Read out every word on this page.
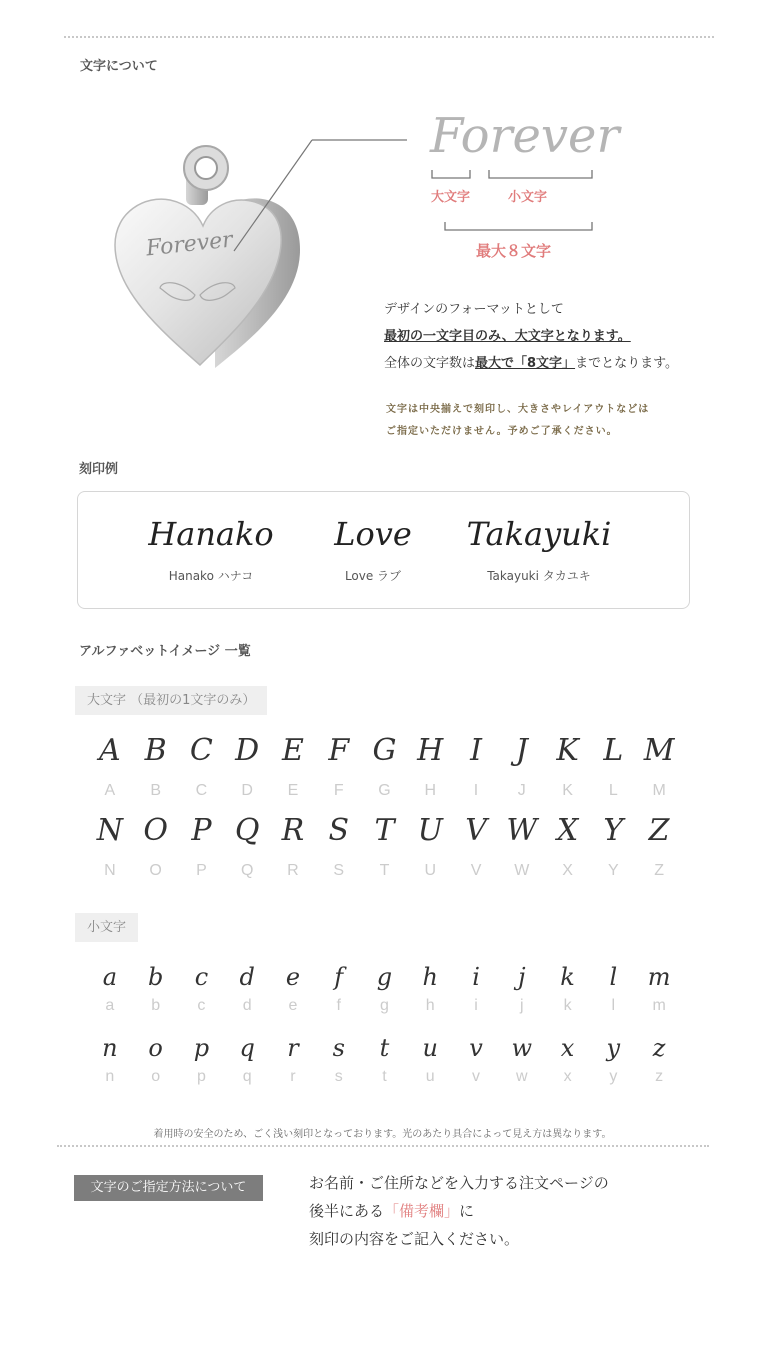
文字について
Forever
Forever
大文字	小文字
最大８文字
デザインのフォーマットとして
最初の一文字目のみ、大文字となります。
全体の文字数は最大で「8文字」までとなります。
文字は中央揃えで刻印し、大きさやレイアウトなどは
ご指定いただけません。予めご了承ください。
刻印例
Hanako
Hanako ハナコ
Love
Love ラブ
Takayuki
Takayuki タカユキ
アルファベットイメージ 一覧
大文字 （最初の1文字のみ）
A
A
B
B
C
C
D
D
E
E
F
F
G
G
H
H
I
I
J
J
K
K
L
L
M
M
N
N
O
O
P
P
Q
Q
R
R
S
S
T
T
U
U
V
V
W
W
X
X
Y
Y
Z
Z
小文字
a
a
b
b
c
c
d
d
e
e
f
f
g
g
h
h
i
i
j
j
k
k
l
l
m
m
n
n
o
o
p
p
q
q
r
r
s
s
t
t
u
u
v
v
w
w
x
x
y
y
z
z
着用時の安全のため、ごく浅い刻印となっております。光のあたり具合によって見え方は異なります。
文字のご指定方法について	お名前・ご住所などを入力する注文ページの
後半にある「備考欄」に
刻印の内容をご記入ください。
